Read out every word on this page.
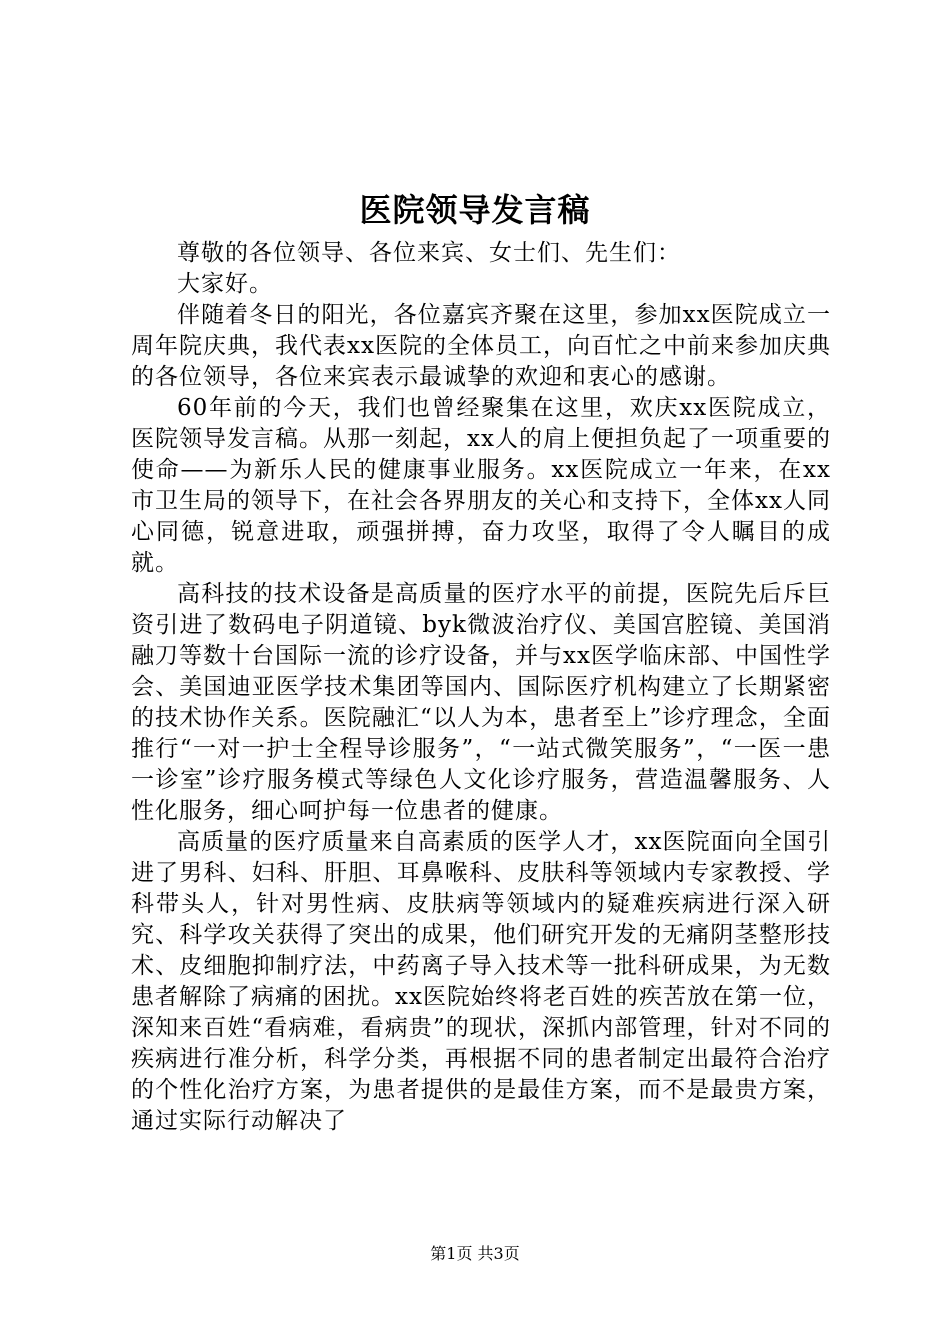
医院领导发言稿

尊敬的各位领导、各位来宾、女士们、先生们：

大家好。

伴随着冬日的阳光，各位嘉宾齐聚在这里，参加xx医院成立一周年院庆典，我代表xx医院的全体员工，向百忙之中前来参加庆典的各位领导，各位来宾表示最诚挚的欢迎和衷心的感谢。

60年前的今天，我们也曾经聚集在这里，欢庆xx医院成立，医院领导发言稿。从那一刻起，xx人的肩上便担负起了一项重要的使命——为新乐人民的健康事业服务。xx医院成立一年来，在xx市卫生局的领导下，在社会各界朋友的关心和支持下，全体xx人同心同德，锐意进取，顽强拼搏，奋力攻坚，取得了令人瞩目的成就。

高科技的技术设备是高质量的医疗水平的前提，医院先后斥巨资引进了数码电子阴道镜、byk微波治疗仪、美国宫腔镜、美国消融刀等数十台国际一流的诊疗设备，并与xx医学临床部、中国性学会、美国迪亚医学技术集团等国内、国际医疗机构建立了长期紧密的技术协作关系。医院融汇“以人为本，患者至上”诊疗理念，全面推行“一对一护士全程导诊服务”，“一站式微笑服务”，“一医一患一诊室”诊疗服务模式等绿色人文化诊疗服务，营造温馨服务、人性化服务，细心呵护每一位患者的健康。

高质量的医疗质量来自高素质的医学人才，xx医院面向全国引进了男科、妇科、肝胆、耳鼻喉科、皮肤科等领域内专家教授、学科带头人，针对男性病、皮肤病等领域内的疑难疾病进行深入研究、科学攻关获得了突出的成果，他们研究开发的无痛阴茎整形技术、皮细胞抑制疗法，中药离子导入技术等一批科研成果，为无数患者解除了病痛的困扰。xx医院始终将老百姓的疾苦放在第一位，深知来百姓“看病难，看病贵”的现状，深抓内部管理，针对不同的疾病进行准分析，科学分类，再根据不同的患者制定出最符合治疗的个性化治疗方案，为患者提供的是最佳方案，而不是最贵方案，通过实际行动解决了

第1页 共3页
